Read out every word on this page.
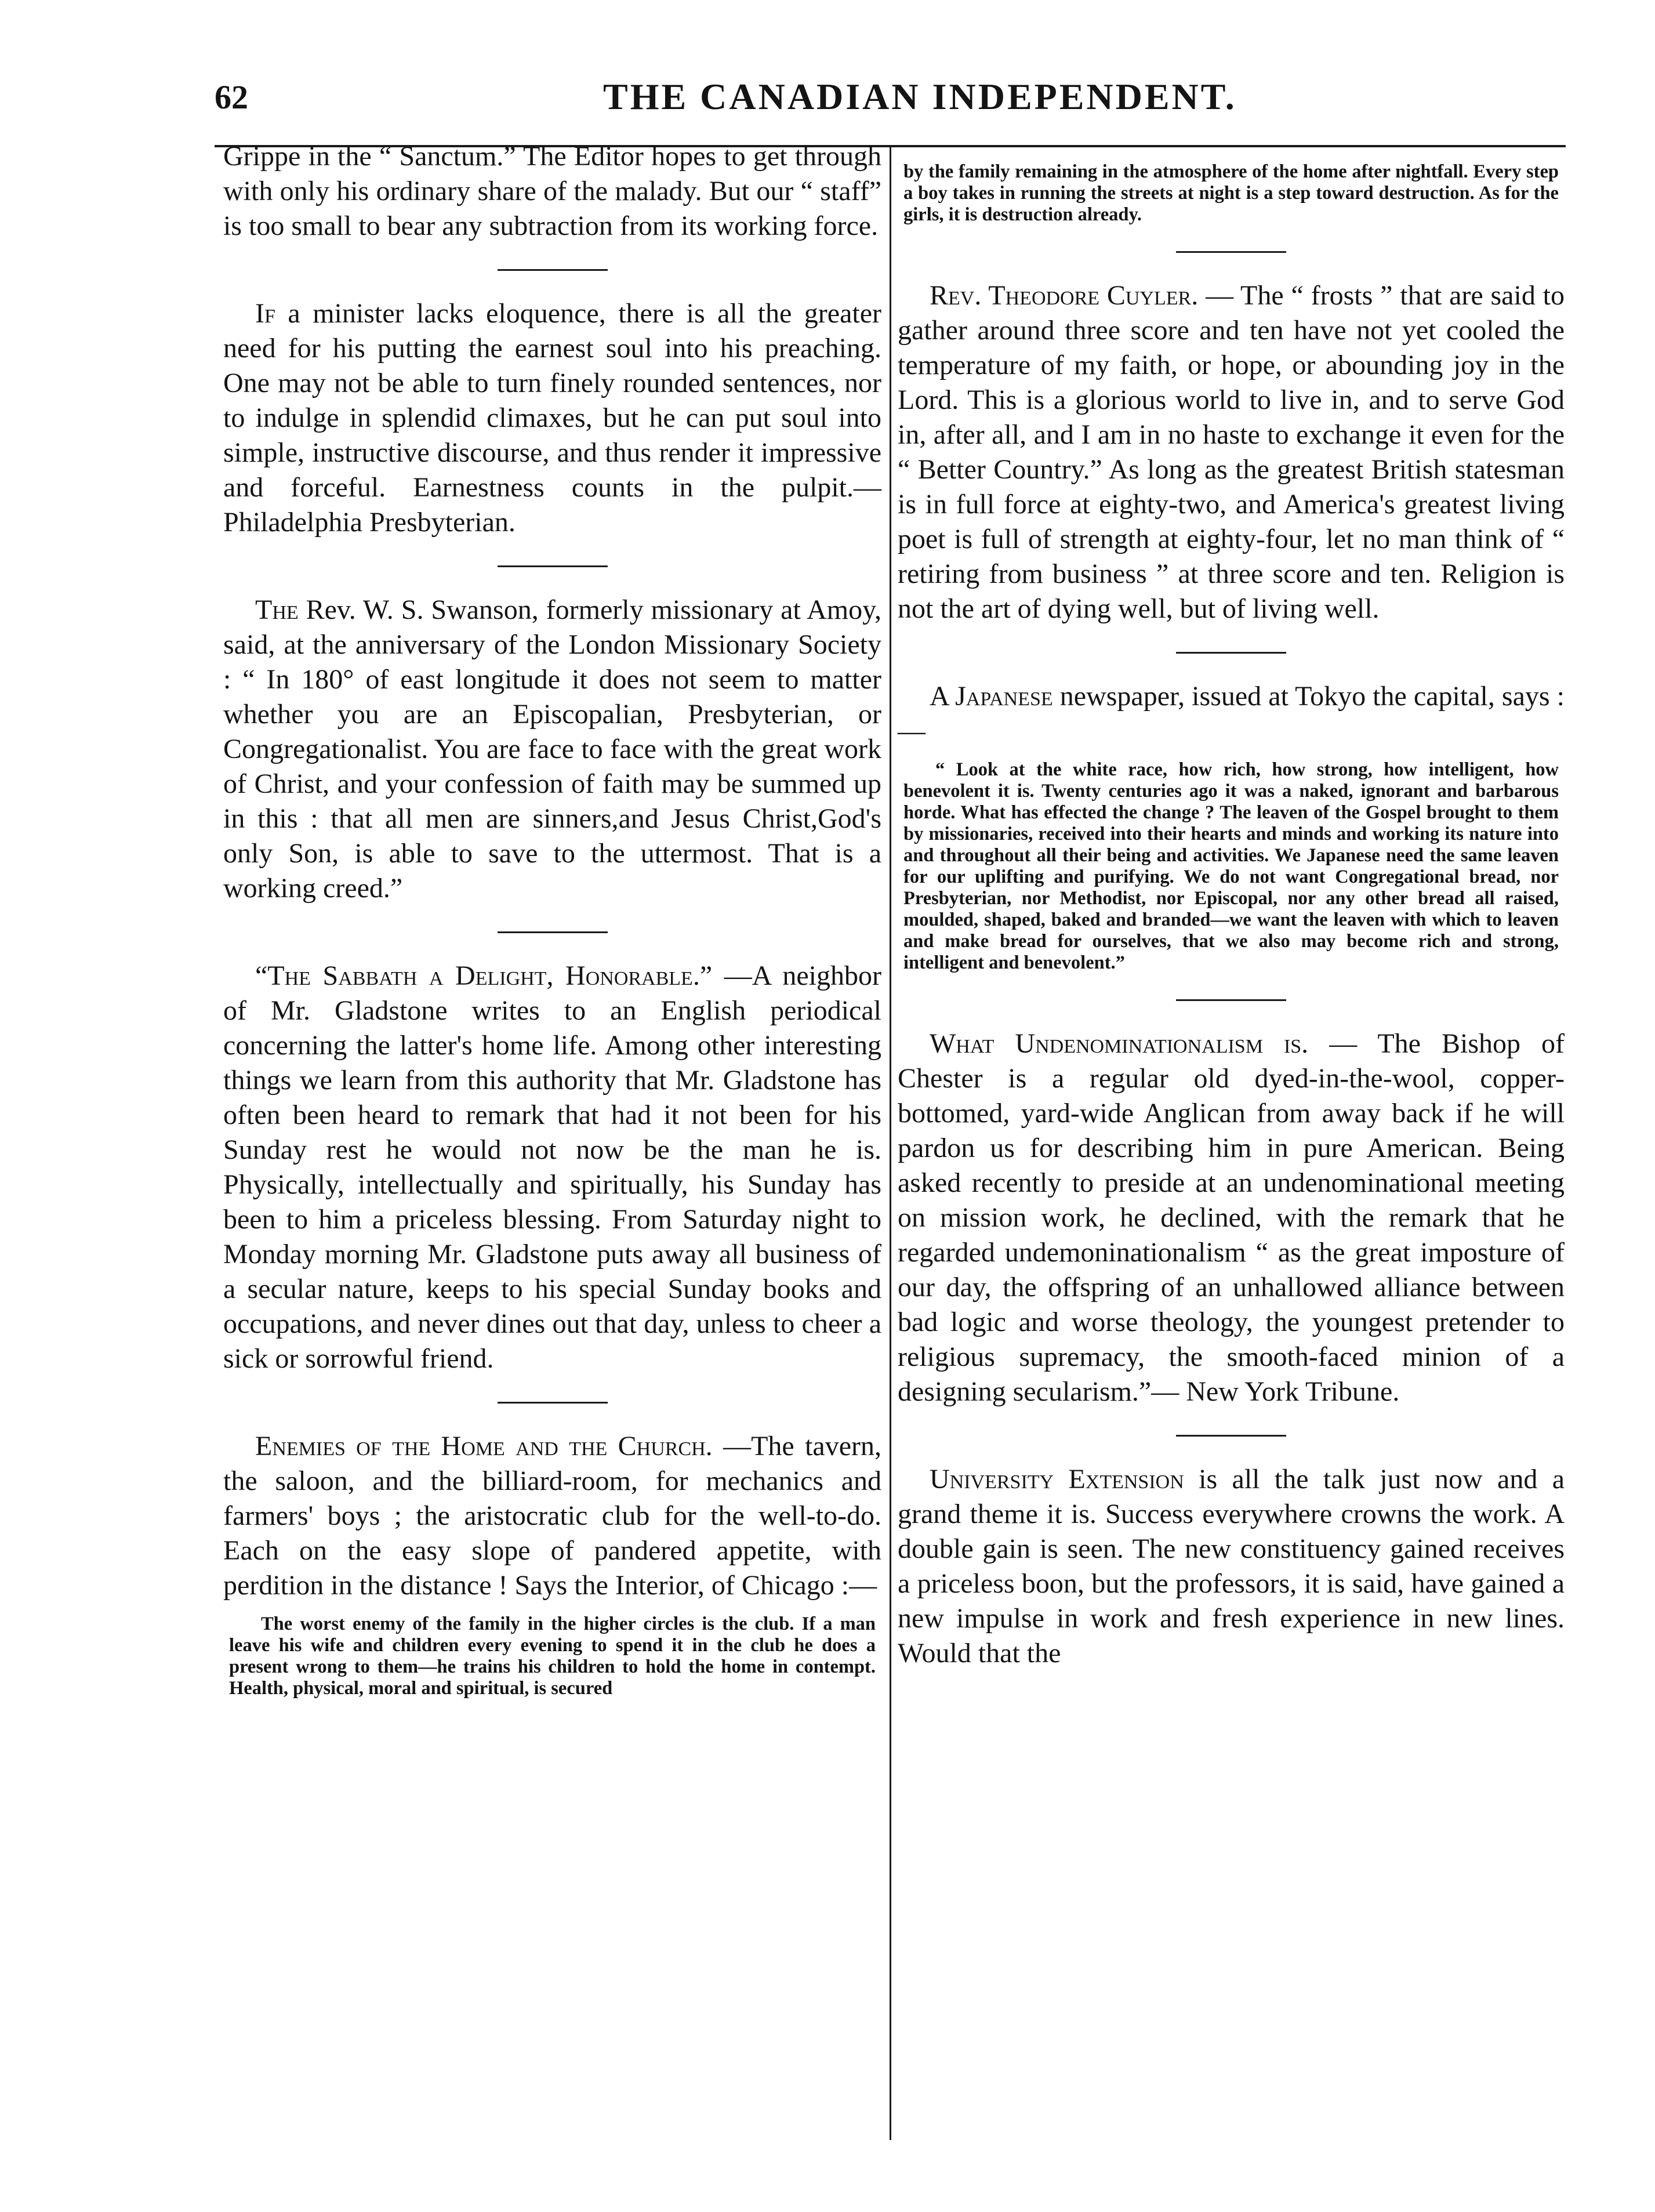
62	THE CANADIAN INDEPENDENT.

Grippe in the “ Sanctum.” The Editor hopes to get through with only his ordinary share of the malady. But our “ staff” is too small to bear any subtraction from its working force.

If a minister lacks eloquence, there is all the greater need for his putting the earnest soul into his preaching. One may not be able to turn finely rounded sentences, nor to indulge in splendid climaxes, but he can put soul into simple, instructive discourse, and thus render it impressive and forceful. Earnestness counts in the pulpit.—Philadelphia Presbyterian.

The Rev. W. S. Swanson, formerly missionary at Amoy, said, at the anniversary of the London Missionary Society : “ In 180° of east longitude it does not seem to matter whether you are an Episcopalian, Presbyterian, or Congregationalist. You are face to face with the great work of Christ, and your confession of faith may be summed up in this : that all men are sinners,and Jesus Christ,God's only Son, is able to save to the uttermost. That is a working creed.”

“The Sabbath a Delight, Honorable.” —A neighbor of Mr. Gladstone writes to an English periodical concerning the latter's home life. Among other interesting things we learn from this authority that Mr. Gladstone has often been heard to remark that had it not been for his Sunday rest he would not now be the man he is. Physically, intellectually and spiritually, his Sunday has been to him a priceless blessing. From Saturday night to Monday morning Mr. Gladstone puts away all business of a secular nature, keeps to his special Sunday books and occupations, and never dines out that day, unless to cheer a sick or sorrowful friend.

Enemies of the Home and the Church. —The tavern, the saloon, and the billiard-room, for mechanics and farmers' boys ; the aristocratic club for the well-to-do. Each on the easy slope of pandered appetite, with perdition in the distance ! Says the Interior, of Chicago :—

The worst enemy of the family in the higher circles is the club. If a man leave his wife and children every evening to spend it in the club he does a present wrong to them—he trains his children to hold the home in contempt. Health, physical, moral and spiritual, is secured

by the family remaining in the atmosphere of the home after nightfall. Every step a boy takes in running the streets at night is a step toward destruction. As for the girls, it is destruction already.

Rev. Theodore Cuyler. — The “ frosts ” that are said to gather around three score and ten have not yet cooled the temperature of my faith, or hope, or abounding joy in the Lord. This is a glorious world to live in, and to serve God in, after all, and I am in no haste to exchange it even for the “ Better Country.” As long as the greatest British statesman is in full force at eighty-two, and America's greatest living poet is full of strength at eighty-four, let no man think of “ retiring from business ” at three score and ten. Religion is not the art of dying well, but of living well.

A Japanese newspaper, issued at Tokyo the capital, says :—

“ Look at the white race, how rich, how strong, how intelligent, how benevolent it is. Twenty centuries ago it was a naked, ignorant and barbarous horde. What has effected the change ? The leaven of the Gospel brought to them by missionaries, received into their hearts and minds and working its nature into and throughout all their being and activities. We Japanese need the same leaven for our uplifting and purifying. We do not want Congregational bread, nor Presbyterian, nor Methodist, nor Episcopal, nor any other bread all raised, moulded, shaped, baked and branded—we want the leaven with which to leaven and make bread for ourselves, that we also may become rich and strong, intelligent and benevolent.”

What Undenominationalism is. — The Bishop of Chester is a regular old dyed-in-the-wool, copper-bottomed, yard-wide Anglican from away back if he will pardon us for describing him in pure American. Being asked recently to preside at an undenominational meeting on mission work, he declined, with the remark that he regarded undemoninationalism “ as the great imposture of our day, the offspring of an unhallowed alliance between bad logic and worse theology, the youngest pretender to religious supremacy, the smooth-faced minion of a designing secularism.”— New York Tribune.

University Extension is all the talk just now and a grand theme it is. Success everywhere crowns the work. A double gain is seen. The new constituency gained receives a priceless boon, but the professors, it is said, have gained a new impulse in work and fresh experience in new lines. Would that the
